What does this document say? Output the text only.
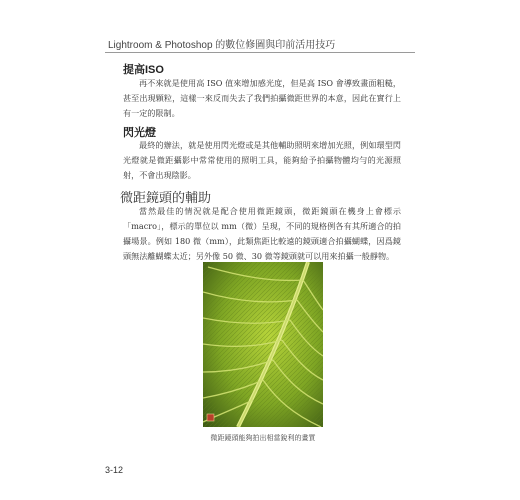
Lightroom & Photoshop 的數位修圖與印前活用技巧
提高ISO

再不來就是使用高 ISO 值來增加感光度，但是高 ISO 會導致畫面粗糙，甚至出現顆粒，這樣一來反而失去了我們拍攝微距世界的本意，因此在實行上有一定的限制。

閃光燈

最終的辦法，就是使用閃光燈或是其他輔助照明來增加光照，例如環型閃光燈就是微距攝影中常常使用的照明工具，能夠給予拍攝物體均勻的光源照射，不會出現陰影。

微距鏡頭的輔助

當然最佳的情況就是配合使用微距鏡頭，微距鏡頭在機身上會標示「macro」，標示的單位以 mm（微）呈現，不同的規格例各有其所適合的拍攝場景。例如 180 微（mm），此類焦距比較遠的鏡頭適合拍攝蝴蝶，因爲鏡頭無法離蝴蝶太近；另外像 50 微、30 微等鏡頭就可以用來拍攝一般靜物。

微距鏡頭能夠拍出相當銳利的畫質
3-12
